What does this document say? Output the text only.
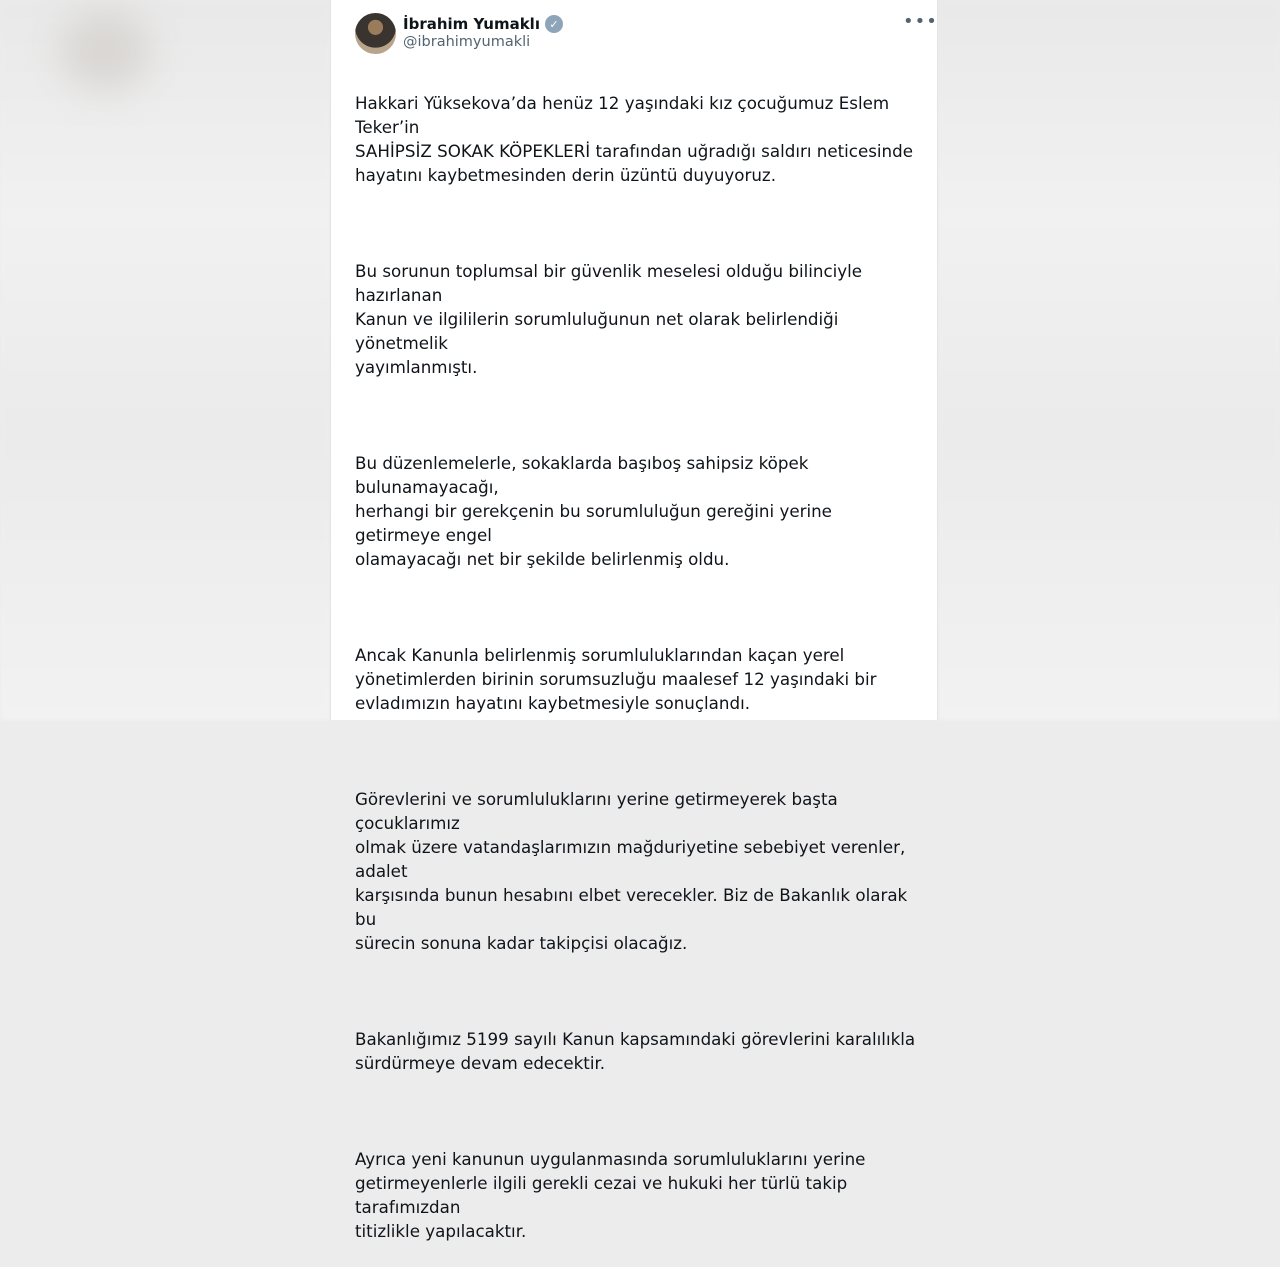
İbrahim Yumaklı ✓
@ibrahimyumakli
•••

Hakkari Yüksekova’da henüz 12 yaşındaki kız çocuğumuz Eslem Teker’in
SAHİPSİZ SOKAK KÖPEKLERİ tarafından uğradığı saldırı neticesinde
hayatını kaybetmesinden derin üzüntü duyuyoruz.

Bu sorunun toplumsal bir güvenlik meselesi olduğu bilinciyle hazırlanan
Kanun ve ilgililerin sorumluluğunun net olarak belirlendiği yönetmelik
yayımlanmıştı.

Bu düzenlemelerle, sokaklarda başıboş sahipsiz köpek bulunamayacağı,
herhangi bir gerekçenin bu sorumluluğun gereğini yerine getirmeye engel
olamayacağı net bir şekilde belirlenmiş oldu.

Ancak Kanunla belirlenmiş sorumluluklarından kaçan yerel
yönetimlerden birinin sorumsuzluğu maalesef 12 yaşındaki bir
evladımızın hayatını kaybetmesiyle sonuçlandı.

Görevlerini ve sorumluluklarını yerine getirmeyerek başta çocuklarımız
olmak üzere vatandaşlarımızın mağduriyetine sebebiyet verenler, adalet
karşısında bunun hesabını elbet verecekler. Biz de Bakanlık olarak bu
sürecin sonuna kadar takipçisi olacağız.

Bakanlığımız 5199 sayılı Kanun kapsamındaki görevlerini karalılıkla
sürdürmeye devam edecektir.

Ayrıca yeni kanunun uygulanmasında sorumluluklarını yerine
getirmeyenlerle ilgili gerekli cezai ve hukuki her türlü takip tarafımızdan
titizlikle yapılacaktır.
